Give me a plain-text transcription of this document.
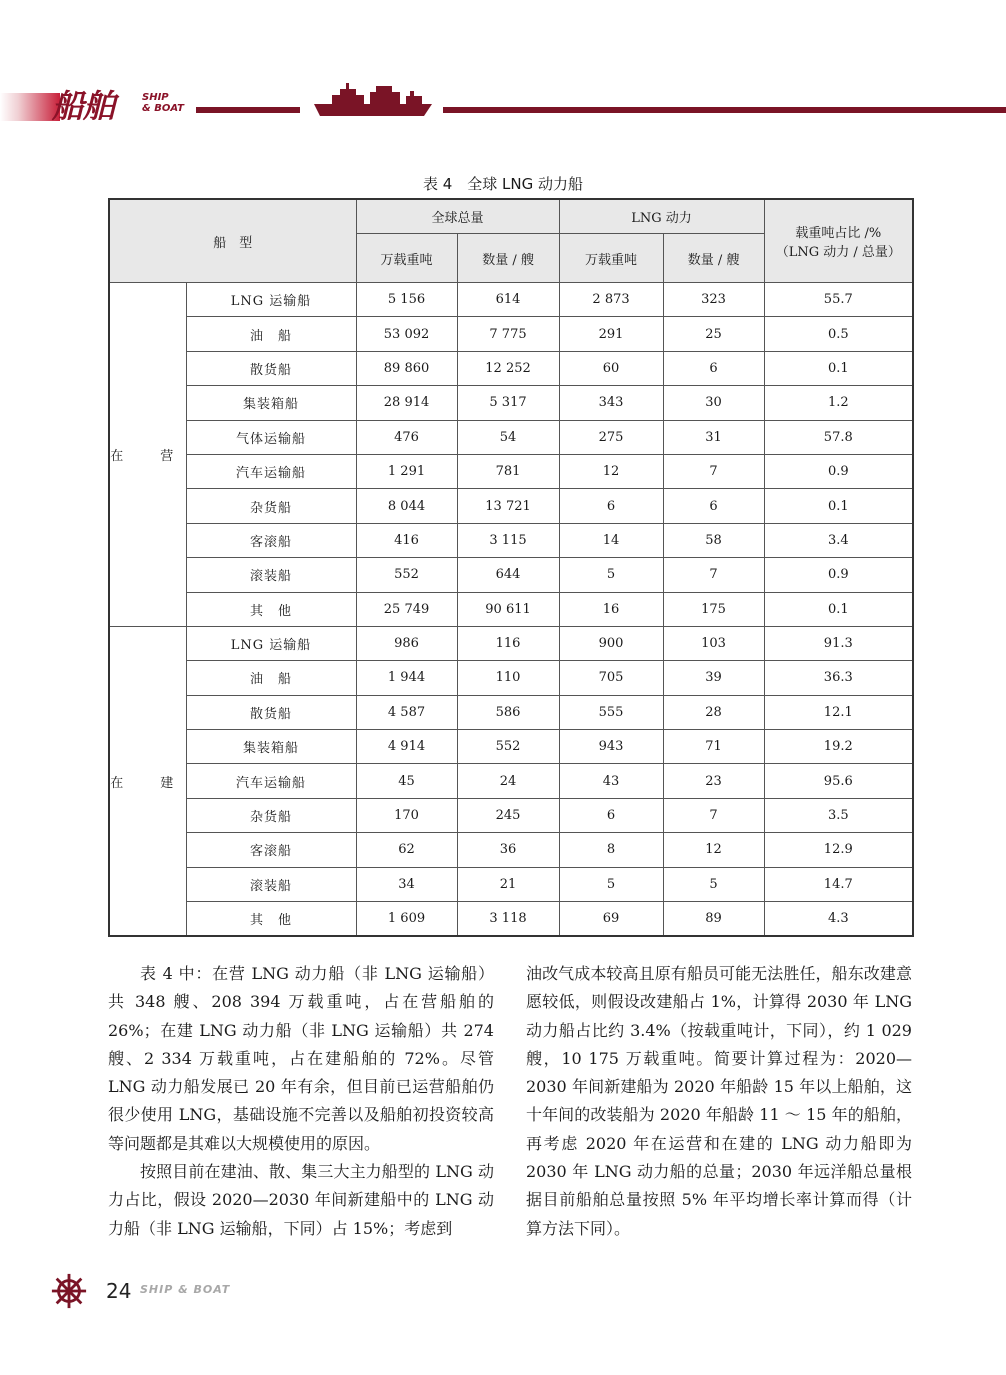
船舶	SHIP
& BOAT
表 4　全球 LNG 动力船
船　型		全球总量		LNG 动力		载重吨占比 /%
（LNG 动力 / 总量）

		万载重吨	数量 / 艘	万载重吨	数量 / 艘	
在　营	LNG 运输船	5 156	614	2 873	323	55.7
	油　船	53 092	7 775	291	25	0.5
	散货船	89 860	12 252	60	6	0.1
	集装箱船	28 914	5 317	343	30	1.2
	气体运输船	476	54	275	31	57.8
	汽车运输船	1 291	781	12	7	0.9
	杂货船	8 044	13 721	6	6	0.1
	客滚船	416	3 115	14	58	3.4
	滚装船	552	644	5	7	0.9
	其　他	25 749	90 611	16	175	0.1
在　建	LNG 运输船	986	116	900	103	91.3
	油　船	1 944	110	705	39	36.3
	散货船	4 587	586	555	28	12.1
	集装箱船	4 914	552	943	71	19.2
	汽车运输船	45	24	43	23	95.6
	杂货船	170	245	6	7	3.5
	客滚船	62	36	8	12	12.9
	滚装船	34	21	5	5	14.7
	其　他	1 609	3 118	69	89	4.3

表 4 中：在营 LNG 动力船（非 LNG 运输船）共 348 艘、208 394 万载重吨，占在营船舶的 26%；在建 LNG 动力船（非 LNG 运输船）共 274 艘、2 334 万载重吨，占在建船舶的 72%。尽管 LNG 动力船发展已 20 年有余，但目前已运营船舶仍很少使用 LNG，基础设施不完善以及船舶初投资较高等问题都是其难以大规模使用的原因。

按照目前在建油、散、集三大主力船型的 LNG 动力占比，假设 2020—2030 年间新建船中的 LNG 动力船（非 LNG 运输船，下同）占 15%；考虑到

油改气成本较高且原有船员可能无法胜任，船东改建意愿较低，则假设改建船占 1%，计算得 2030 年 LNG 动力船占比约 3.4%（按载重吨计，下同），约 1 029 艘，10 175 万载重吨。简要计算过程为：2020—2030 年间新建船为 2020 年船龄 15 年以上船舶，这十年间的改装船为 2020 年船龄 11 ～ 15 年的船舶，再考虑 2020 年在运营和在建的 LNG 动力船即为 2030 年 LNG 动力船的总量；2030 年远洋船总量根据目前船舶总量按照 5% 年平均增长率计算而得（计算方法下同）。

24 SHIP & BOAT
